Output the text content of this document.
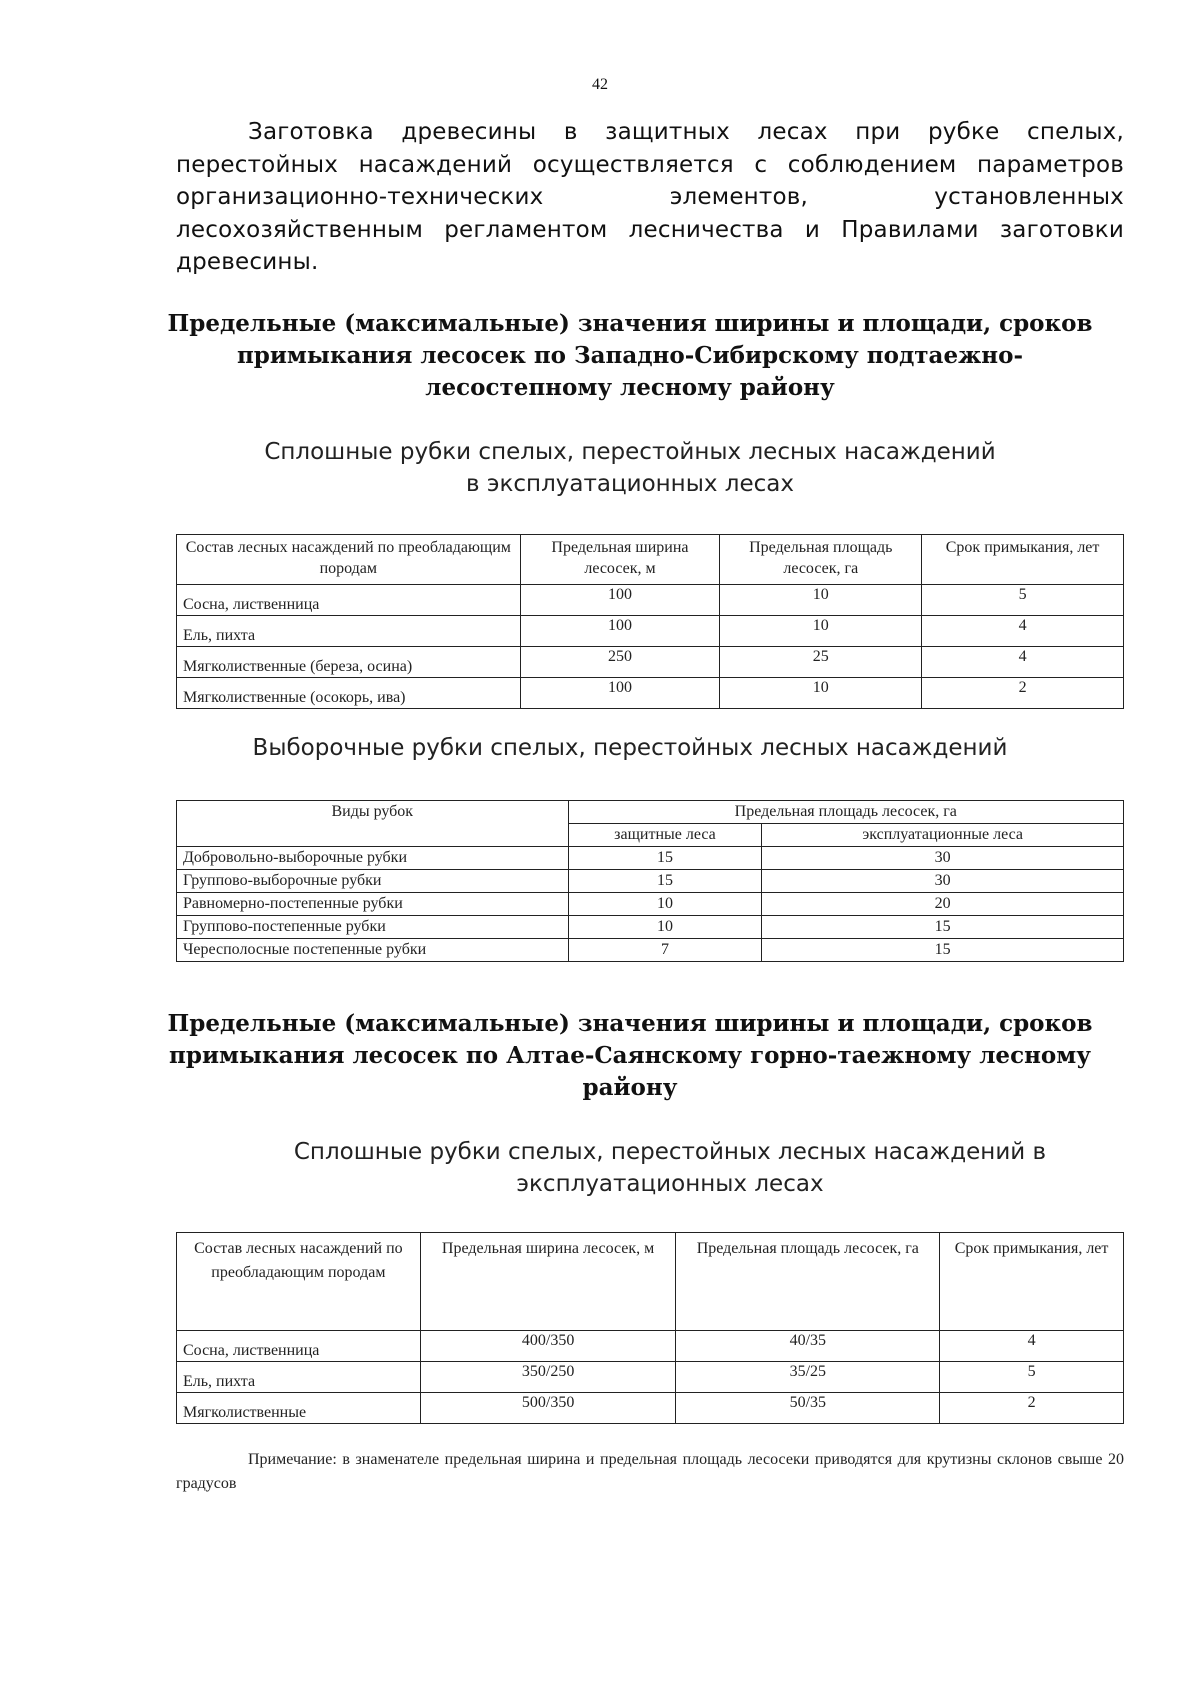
42

Заготовка древесины в защитных лесах при рубке спелых, перестойных насаждений осуществляется с соблюдением параметров организационно-технических элементов, установленных лесохозяйственным регламентом лесничества и Правилами заготовки древесины.

Предельные (максимальные) значения ширины и площади, сроков примыкания лесосек по Западно-Сибирскому подтаежно-лесостепному лесному району
Сплошные рубки спелых, перестойных лесных насаждений
в эксплуатационных лесах
Состав лесных насаждений по преобладающим породам	Предельная ширина лесосек, м	Предельная площадь лесосек, га	Срок примыкания, лет
Сосна, лиственница	100	10	5
Ель, пихта	100	10	4
Мягколиственные (береза, осина)	250	25	4
Мягколиственные (осокорь, ива)	100	10	2
Выборочные рубки спелых, перестойных лесных насаждений
Виды рубок	Предельная площадь лесосек, га	
	защитные леса	эксплуатационные леса
Добровольно-выборочные рубки	15	30
Группово-выборочные рубки	15	30
Равномерно-постепенные рубки	10	20
Группово-постепенные рубки	10	15
Чересполосные постепенные рубки	7	15
Предельные (максимальные) значения ширины и площади, сроков примыкания лесосек по Алтае-Саянскому горно-таежному лесному району
Сплошные рубки спелых, перестойных лесных насаждений в
эксплуатационных лесах
Состав лесных насаждений по преобладающим породам	Предельная ширина лесосек, м	Предельная площадь лесосек, га	Срок примыкания, лет
Сосна, лиственница	400/350	40/35	4
Ель, пихта	350/250	35/25	5
Мягколиственные	500/350	50/35	2

Примечание: в знаменателе предельная ширина и предельная площадь лесосеки приводятся для крутизны склонов свыше 20 градусов
